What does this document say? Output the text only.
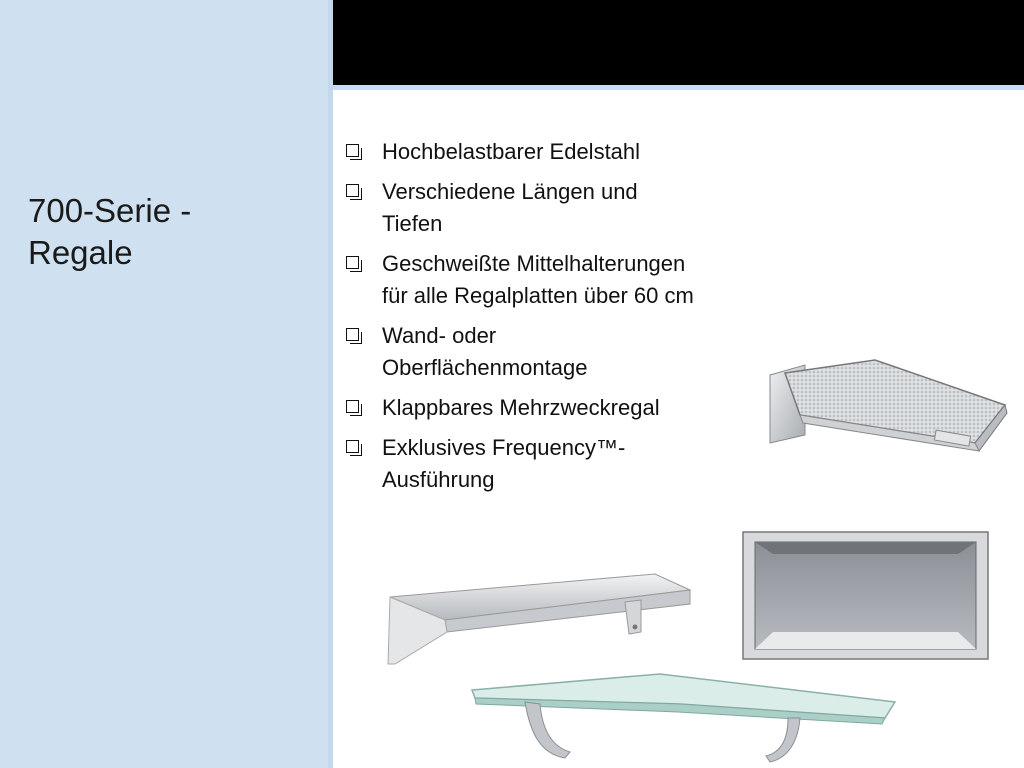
700-Serie -
Regale
Hochbelastbarer Edelstahl
Verschiedene Längen und
Tiefen
Geschweißte Mittelhalterungen
für alle Regalplatten über 60 cm
Wand- oder
Oberflächenmontage
Klappbares Mehrzweckregal
Exklusives Frequency™-
Ausführung
